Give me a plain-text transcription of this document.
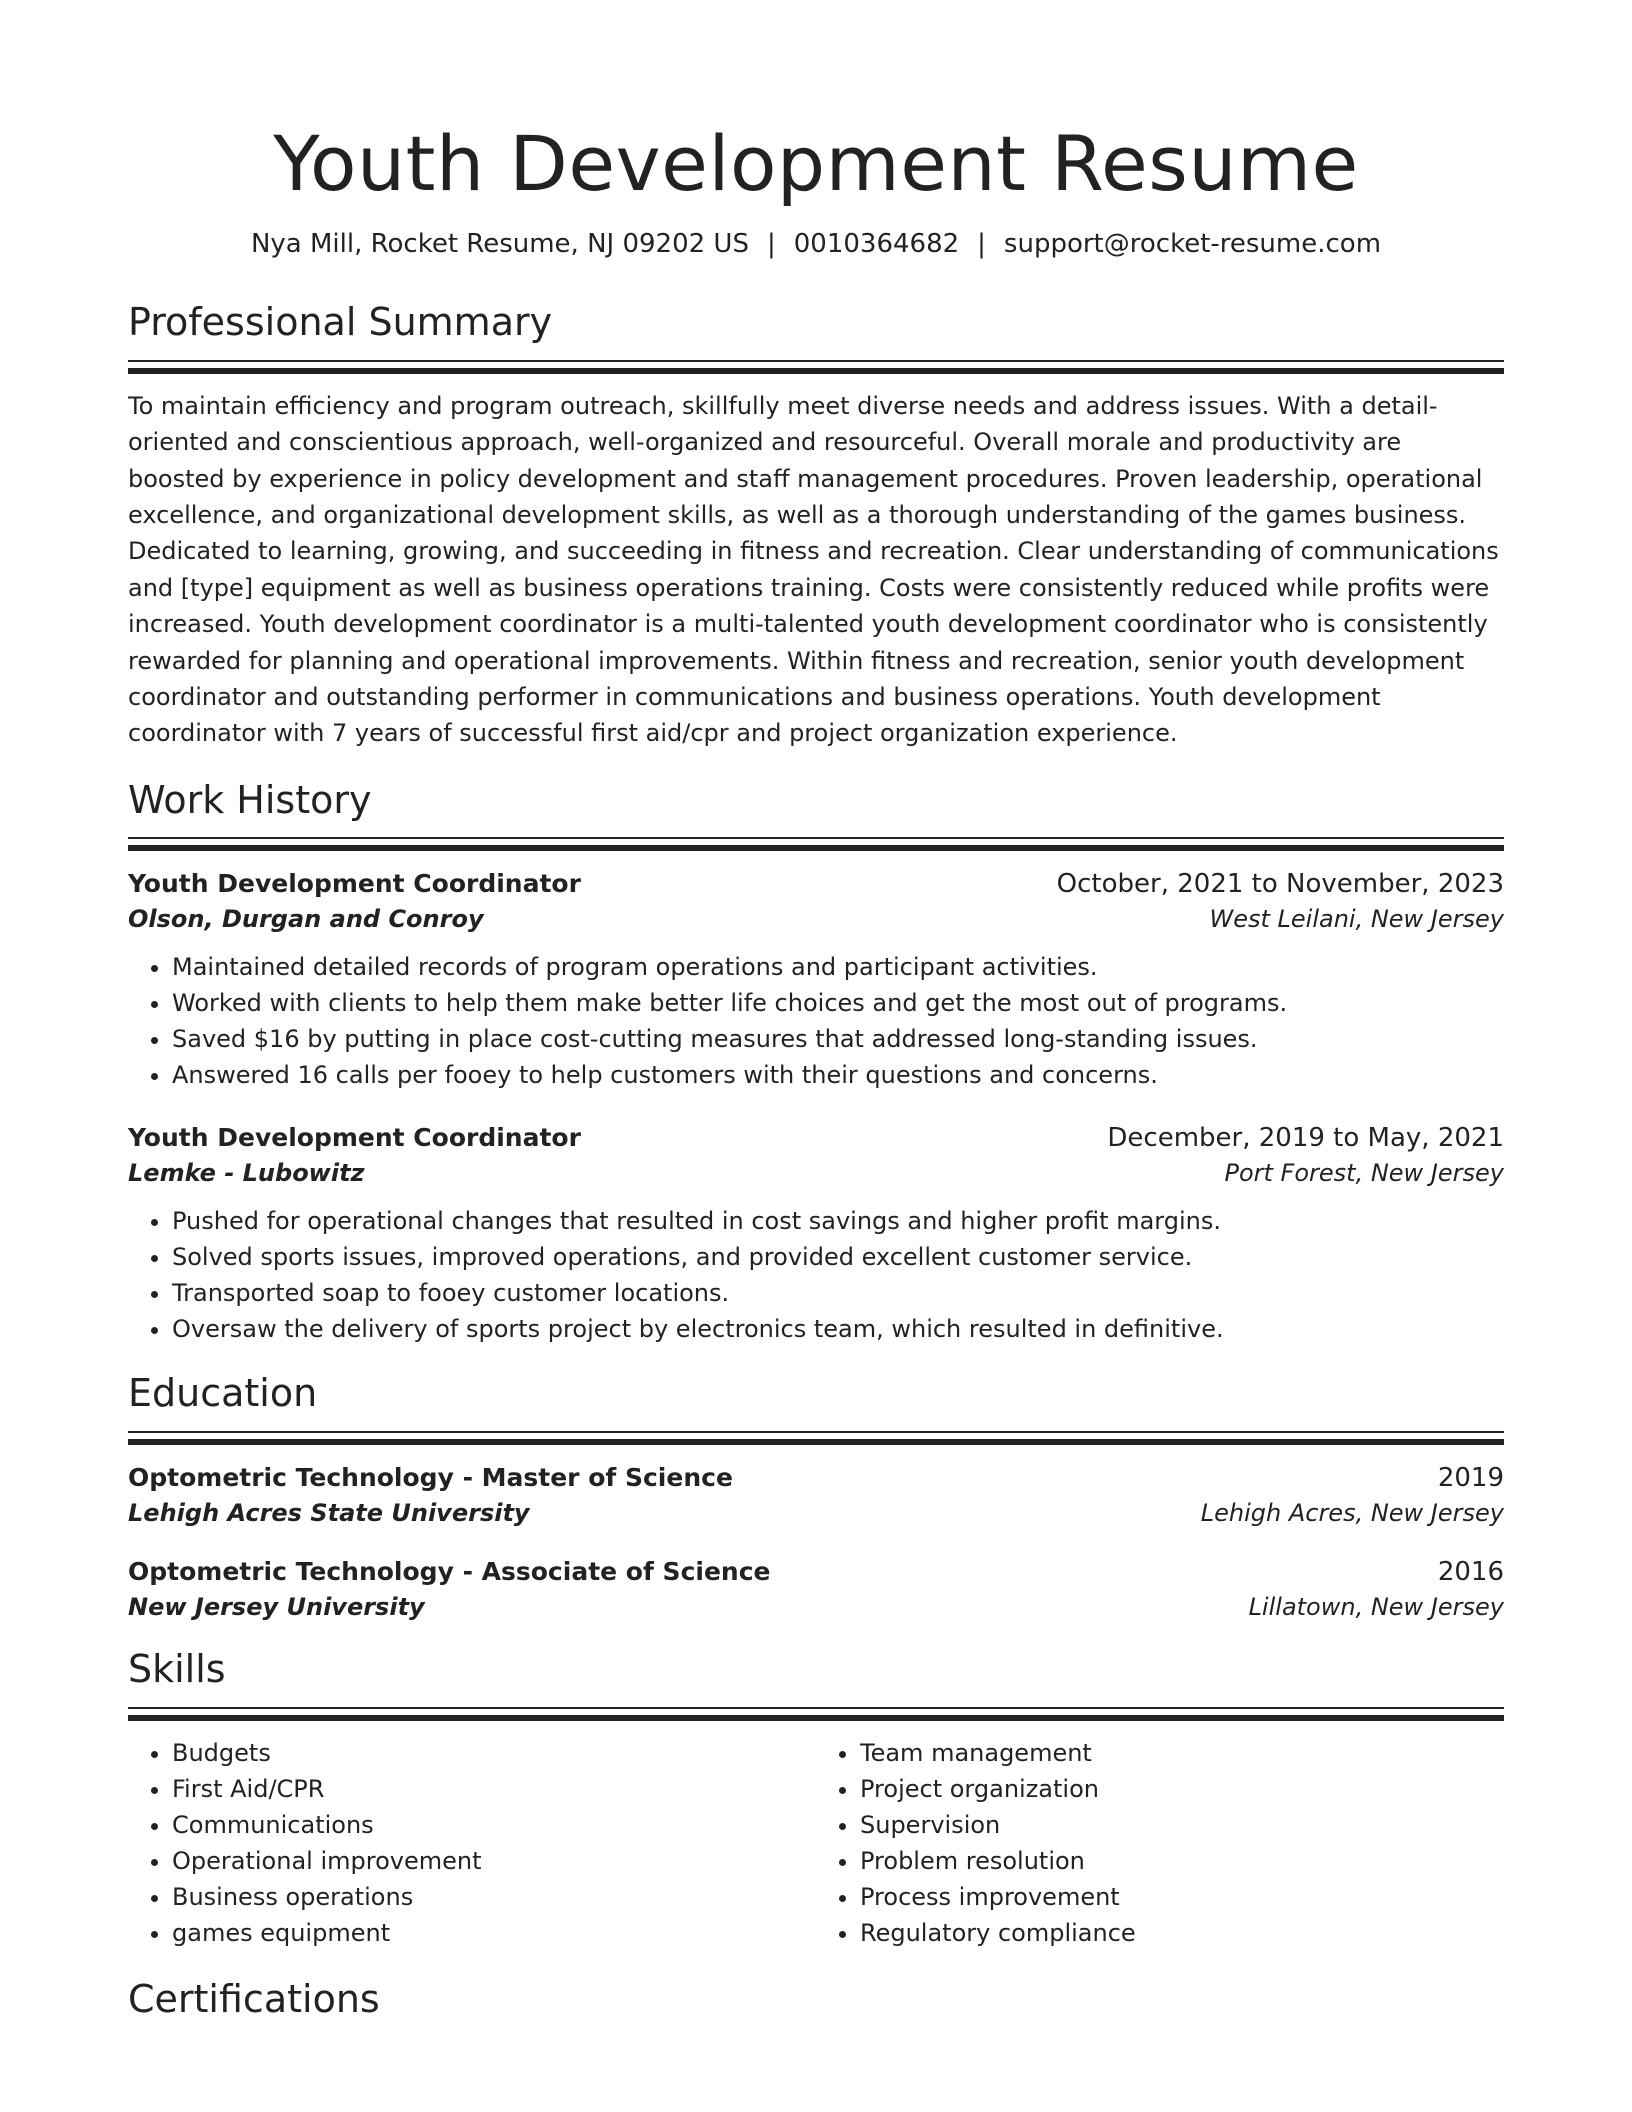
Youth Development Resume
Nya Mill, Rocket Resume, NJ 09202 US | 0010364682 | support@rocket-resume.com
Professional Summary

To maintain efficiency and program outreach, skillfully meet diverse needs and address issues. With a detail-oriented and conscientious approach, well-organized and resourceful. Overall morale and productivity are boosted by experience in policy development and staff management procedures. Proven leadership, operational excellence, and organizational development skills, as well as a thorough understanding of the games business. Dedicated to learning, growing, and succeeding in fitness and recreation. Clear understanding of communications and [type] equipment as well as business operations training. Costs were consistently reduced while profits were increased. Youth development coordinator is a multi-talented youth development coordinator who is consistently rewarded for planning and operational improvements. Within fitness and recreation, senior youth development coordinator and outstanding performer in communications and business operations. Youth development coordinator with 7 years of successful first aid/cpr and project organization experience.

Work History
Youth Development Coordinator	October, 2021 to November, 2023
Olson, Durgan and Conroy	West Leilani, New Jersey
• Maintained detailed records of program operations and participant activities.
• Worked with clients to help them make better life choices and get the most out of programs.
• Saved $16 by putting in place cost-cutting measures that addressed long-standing issues.
• Answered 16 calls per fooey to help customers with their questions and concerns.
Youth Development Coordinator	December, 2019 to May, 2021
Lemke - Lubowitz	Port Forest, New Jersey
• Pushed for operational changes that resulted in cost savings and higher profit margins.
• Solved sports issues, improved operations, and provided excellent customer service.
• Transported soap to fooey customer locations.
• Oversaw the delivery of sports project by electronics team, which resulted in definitive.
Education
Optometric Technology - Master of Science	2019
Lehigh Acres State University	Lehigh Acres, New Jersey
Optometric Technology - Associate of Science	2016
New Jersey University	Lillatown, New Jersey
Skills
• Budgets
• First Aid/CPR
• Communications
• Operational improvement
• Business operations
• games equipment
• Team management
• Project organization
• Supervision
• Problem resolution
• Process improvement
• Regulatory compliance
Certifications
